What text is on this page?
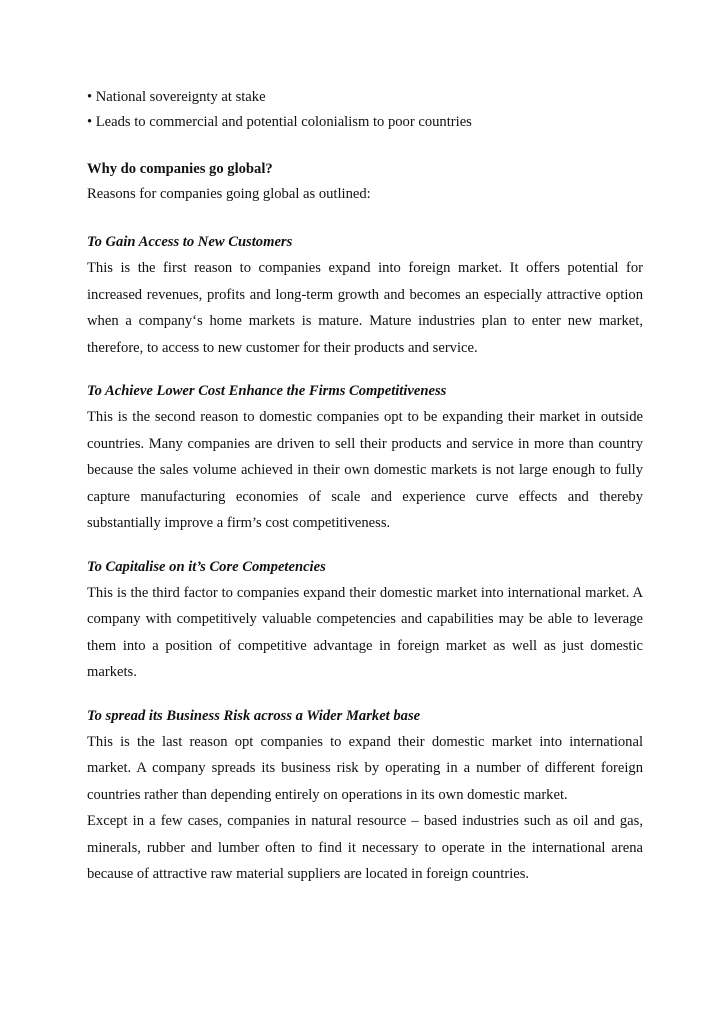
• National sovereignty at stake
• Leads to commercial and potential colonialism to poor countries
Why do companies go global?
Reasons for companies going global as outlined:
To Gain Access to New Customers

This is the first reason to companies expand into foreign market. It offers potential for increased revenues, profits and long-term growth and becomes an especially attractive option when a company‘s home markets is mature. Mature industries plan to enter new market, therefore, to access to new customer for their products and service.

To Achieve Lower Cost Enhance the Firms Competitiveness

This is the second reason to domestic companies opt to be expanding their market in outside countries. Many companies are driven to sell their products and service in more than country because the sales volume achieved in their own domestic markets is not large enough to fully capture manufacturing economies of scale and experience curve effects and thereby substantially improve a firm’s cost competitiveness.

To Capitalise on it’s Core Competencies

This is the third factor to companies expand their domestic market into international market. A company with competitively valuable competencies and capabilities may be able to leverage them into a position of competitive advantage in foreign market as well as just domestic markets.

To spread its Business Risk across a Wider Market base

This is the last reason opt companies to expand their domestic market into international market. A company spreads its business risk by operating in a number of different foreign countries rather than depending entirely on operations in its own domestic market.

Except in a few cases, companies in natural resource – based industries such as oil and gas, minerals, rubber and lumber often to find it necessary to operate in the international arena because of attractive raw material suppliers are located in foreign countries.
